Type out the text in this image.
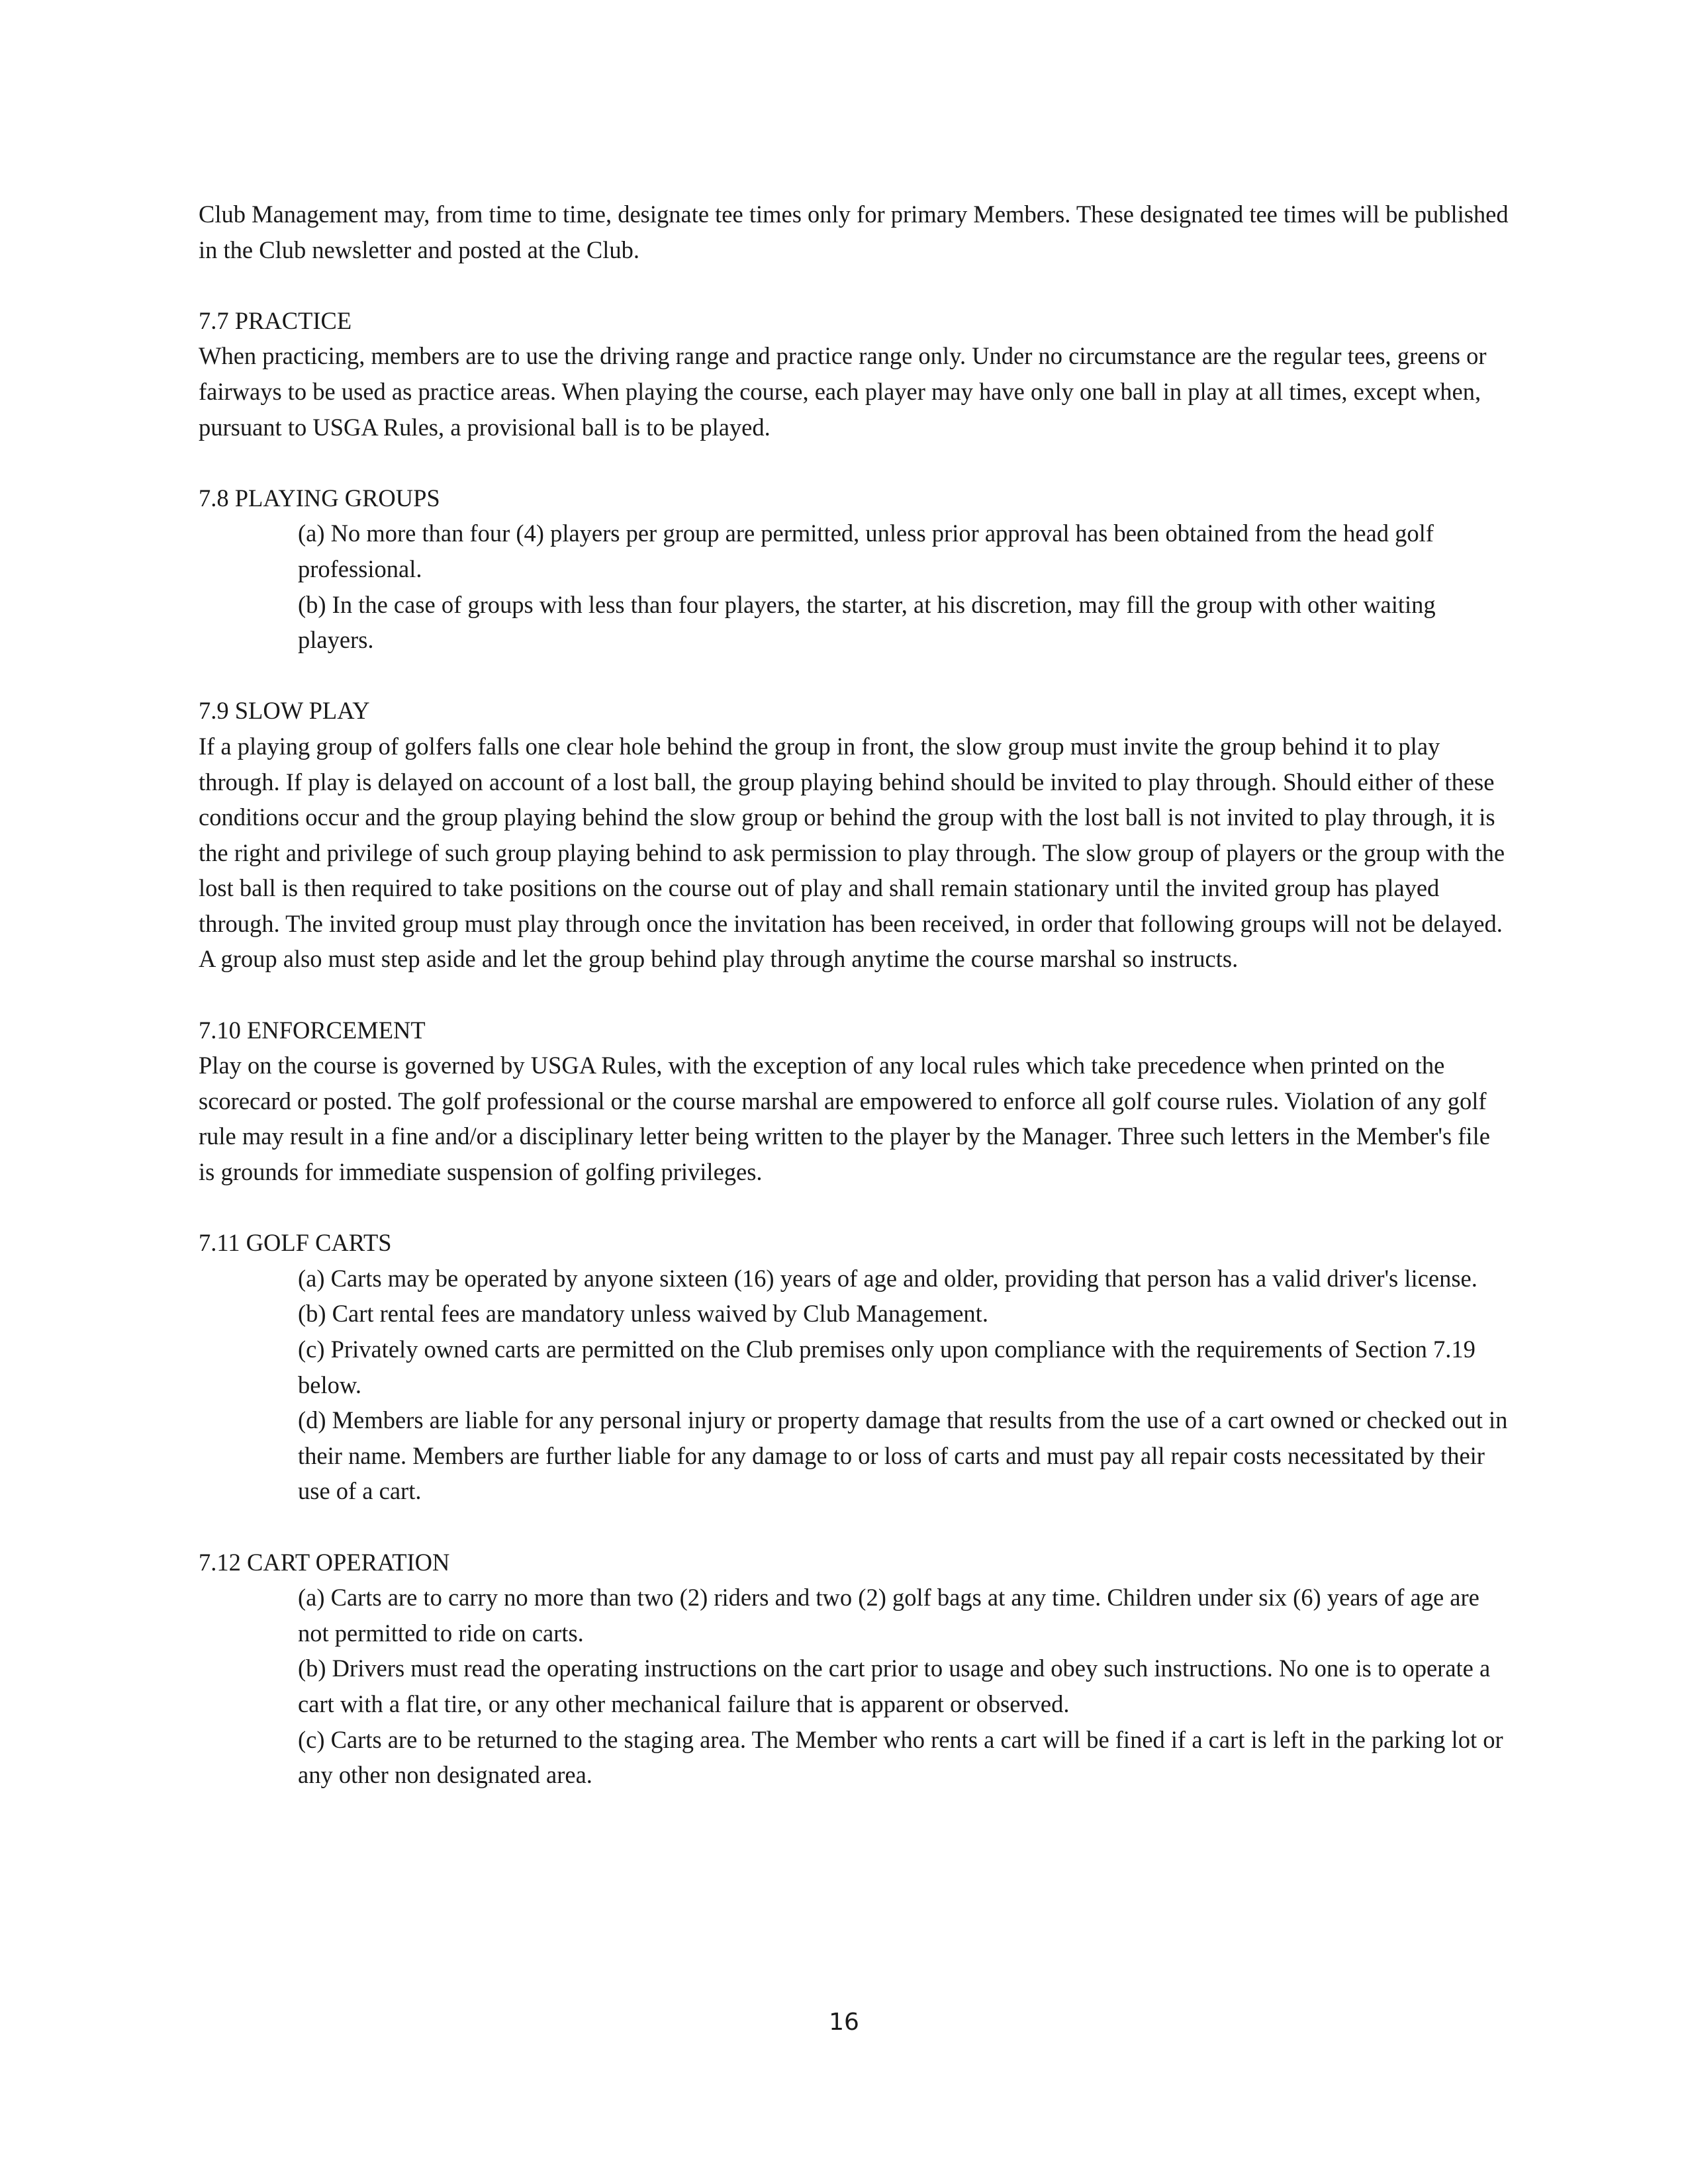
Club Management may, from time to time, designate tee times only for primary Members. These designated tee times will be published in the Club newsletter and posted at the Club.

7.7 PRACTICE

When practicing, members are to use the driving range and practice range only. Under no circumstance are the regular tees, greens or fairways to be used as practice areas. When playing the course, each player may have only one ball in play at all times, except when, pursuant to USGA Rules, a provisional ball is to be played.

7.8 PLAYING GROUPS

(a) No more than four (4) players per group are permitted, unless prior approval has been obtained from the head golf professional.

(b) In the case of groups with less than four players, the starter, at his discretion, may fill the group with other waiting players.

7.9 SLOW PLAY

If a playing group of golfers falls one clear hole behind the group in front, the slow group must invite the group behind it to play through. If play is delayed on account of a lost ball, the group playing behind should be invited to play through. Should either of these conditions occur and the group playing behind the slow group or behind the group with the lost ball is not invited to play through, it is the right and privilege of such group playing behind to ask permission to play through. The slow group of players or the group with the lost ball is then required to take positions on the course out of play and shall remain stationary until the invited group has played through. The invited group must play through once the invitation has been received, in order that following groups will not be delayed. A group also must step aside and let the group behind play through anytime the course marshal so instructs.

7.10 ENFORCEMENT

Play on the course is governed by USGA Rules, with the exception of any local rules which take precedence when printed on the scorecard or posted. The golf professional or the course marshal are empowered to enforce all golf course rules. Violation of any golf rule may result in a fine and/or a disciplinary letter being written to the player by the Manager. Three such letters in the Member's file is grounds for immediate suspension of golfing privileges.

7.11 GOLF CARTS

(a) Carts may be operated by anyone sixteen (16) years of age and older, providing that person has a valid driver's license.

(b) Cart rental fees are mandatory unless waived by Club Management.

(c) Privately owned carts are permitted on the Club premises only upon compliance with the requirements of Section 7.19 below.

(d) Members are liable for any personal injury or property damage that results from the use of a cart owned or checked out in their name. Members are further liable for any damage to or loss of carts and must pay all repair costs necessitated by their use of a cart.

7.12 CART OPERATION

(a) Carts are to carry no more than two (2) riders and two (2) golf bags at any time. Children under six (6) years of age are not permitted to ride on carts.

(b) Drivers must read the operating instructions on the cart prior to usage and obey such instructions. No one is to operate a cart with a flat tire, or any other mechanical failure that is apparent or observed.

(c) Carts are to be returned to the staging area. The Member who rents a cart will be fined if a cart is left in the parking lot or any other non designated area.

16
